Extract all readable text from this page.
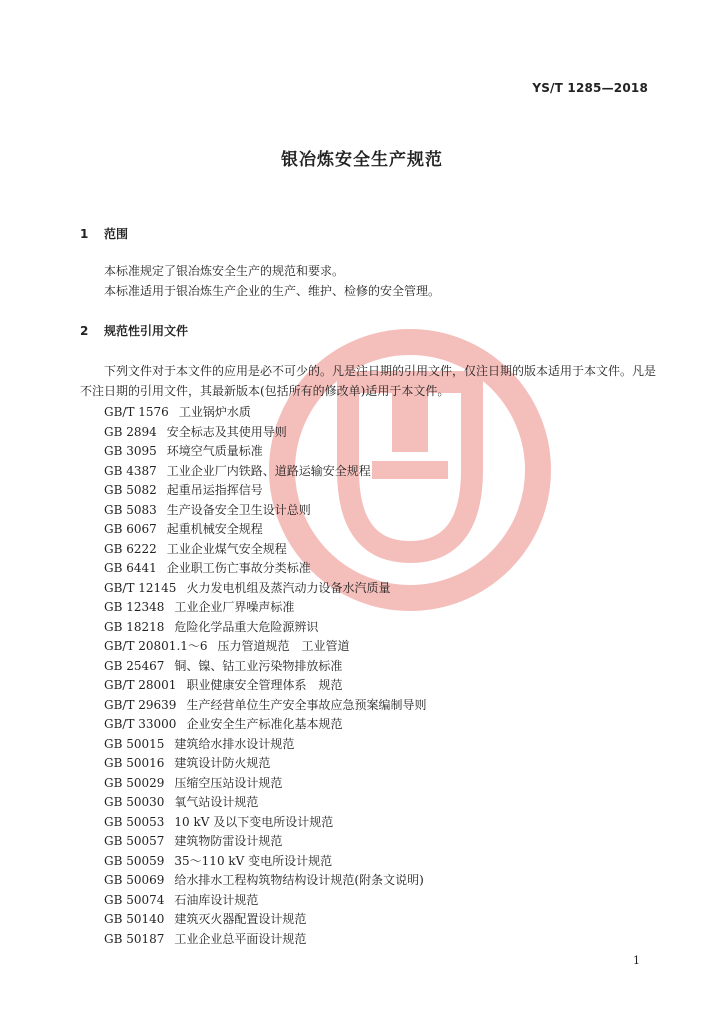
YS/T 1285—2018
银冶炼安全生产规范
1 范围

本标准规定了银冶炼安全生产的规范和要求。

本标准适用于银冶炼生产企业的生产、维护、检修的安全管理。

2 规范性引用文件

下列文件对于本文件的应用是必不可少的。凡是注日期的引用文件，仅注日期的版本适用于本文件。凡是不注日期的引用文件，其最新版本(包括所有的修改单)适用于本文件。

GB/T 1576 工业锅炉水质
GB 2894 安全标志及其使用导则
GB 3095 环境空气质量标准
GB 4387 工业企业厂内铁路、道路运输安全规程
GB 5082 起重吊运指挥信号
GB 5083 生产设备安全卫生设计总则
GB 6067 起重机械安全规程
GB 6222 工业企业煤气安全规程
GB 6441 企业职工伤亡事故分类标准
GB/T 12145 火力发电机组及蒸汽动力设备水汽质量
GB 12348 工业企业厂界噪声标准
GB 18218 危险化学品重大危险源辨识
GB/T 20801.1～6 压力管道规范　工业管道
GB 25467 铜、镍、钴工业污染物排放标准
GB/T 28001 职业健康安全管理体系　规范
GB/T 29639 生产经营单位生产安全事故应急预案编制导则
GB/T 33000 企业安全生产标准化基本规范
GB 50015 建筑给水排水设计规范
GB 50016 建筑设计防火规范
GB 50029 压缩空压站设计规范
GB 50030 氧气站设计规范
GB 50053 10 kV 及以下变电所设计规范
GB 50057 建筑物防雷设计规范
GB 50059 35～110 kV 变电所设计规范
GB 50069 给水排水工程构筑物结构设计规范(附条文说明)
GB 50074 石油库设计规范
GB 50140 建筑灭火器配置设计规范
GB 50187 工业企业总平面设计规范
1
